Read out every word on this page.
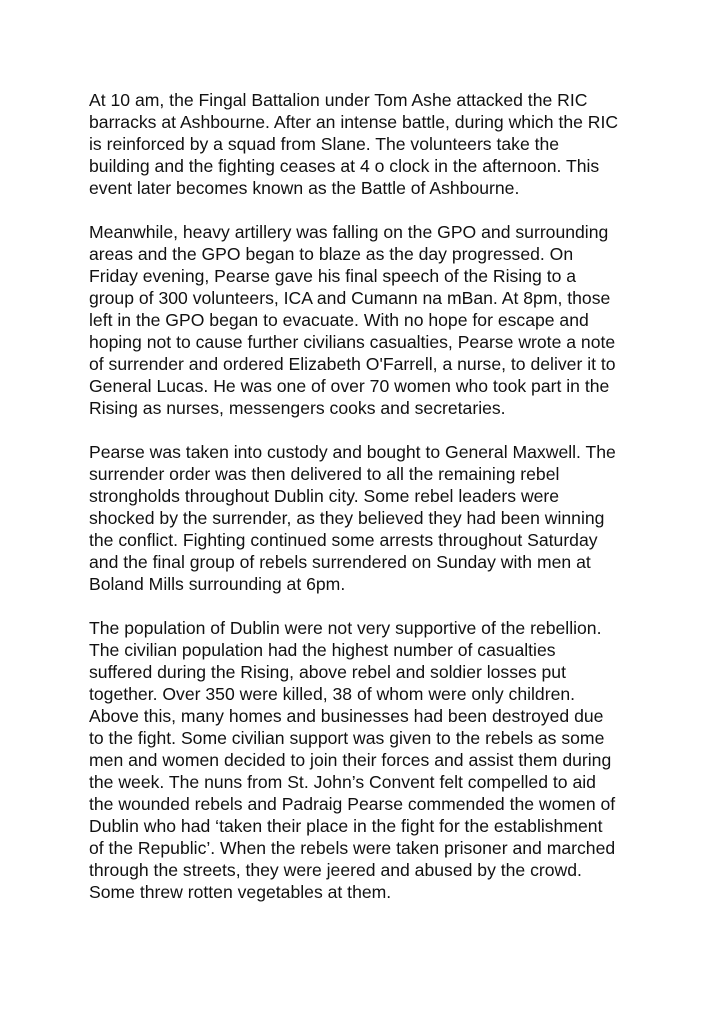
At 10 am, the Fingal Battalion under Tom Ashe attacked the RIC
barracks at Ashbourne. After an intense battle, during which the RIC
is reinforced by a squad from Slane. The volunteers take the
building and the fighting ceases at 4 o clock in the afternoon. This
event later becomes known as the Battle of Ashbourne.

Meanwhile, heavy artillery was falling on the GPO and surrounding
areas and the GPO began to blaze as the day progressed. On
Friday evening, Pearse gave his final speech of the Rising to a
group of 300 volunteers, ICA and Cumann na mBan. At 8pm, those
left in the GPO began to evacuate. With no hope for escape and
hoping not to cause further civilians casualties, Pearse wrote a note
of surrender and ordered Elizabeth O'Farrell, a nurse, to deliver it to
General Lucas. He was one of over 70 women who took part in the
Rising as nurses, messengers cooks and secretaries.

Pearse was taken into custody and bought to General Maxwell. The
surrender order was then delivered to all the remaining rebel
strongholds throughout Dublin city. Some rebel leaders were
shocked by the surrender, as they believed they had been winning
the conflict. Fighting continued some arrests throughout Saturday
and the final group of rebels surrendered on Sunday with men at
Boland Mills surrounding at 6pm.

The population of Dublin were not very supportive of the rebellion.
The civilian population had the highest number of casualties
suffered during the Rising, above rebel and soldier losses put
together. Over 350 were killed, 38 of whom were only children.
Above this, many homes and businesses had been destroyed due
to the fight. Some civilian support was given to the rebels as some
men and women decided to join their forces and assist them during
the week. The nuns from St. John’s Convent felt compelled to aid
the wounded rebels and Padraig Pearse commended the women of
Dublin who had ‘taken their place in the fight for the establishment
of the Republic’. When the rebels were taken prisoner and marched
through the streets, they were jeered and abused by the crowd.
Some threw rotten vegetables at them.
